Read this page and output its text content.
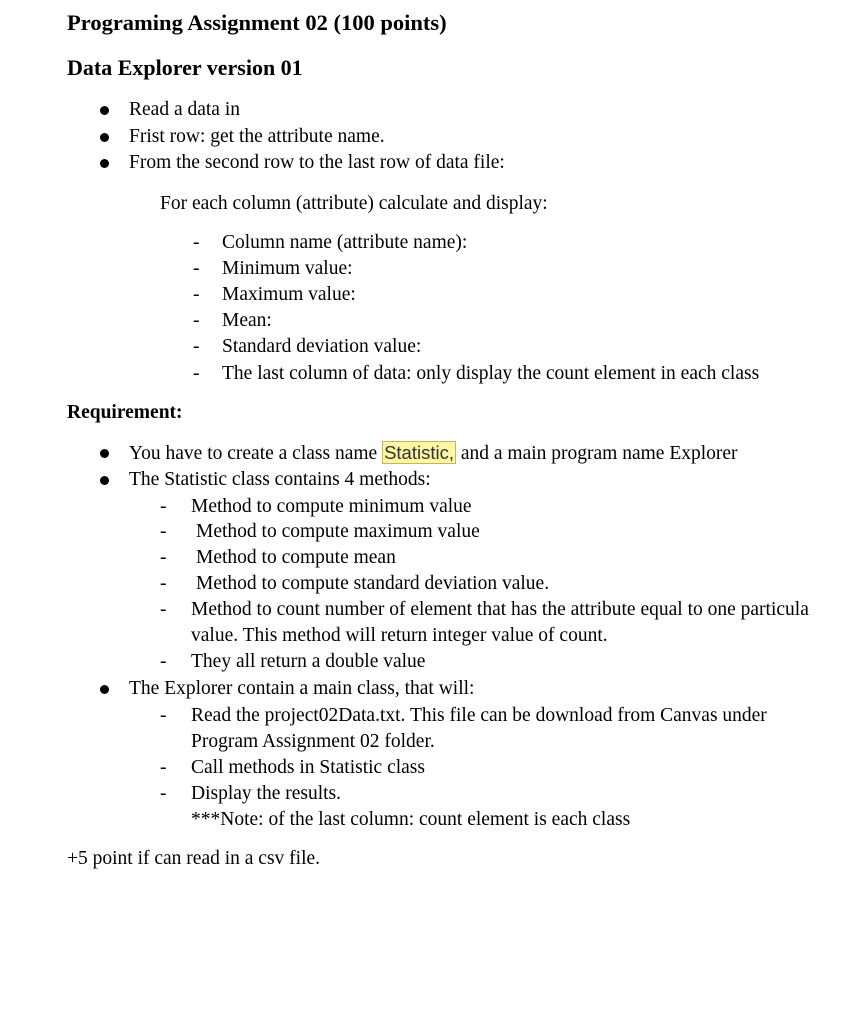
Programing Assignment 02 (100 points)
Data Explorer version 01
Read a data in
Frist row: get the attribute name.
From the second row to the last row of data file:
For each column (attribute) calculate and display:
- Column name (attribute name):
- Minimum value:
- Maximum value:
- Mean:
- Standard deviation value:
- The last column of data: only display the count element in each class
Requirement:
You have to create a class name Statistic, and a main program name Explorer
The Statistic class contains 4 methods:
- Method to compute minimum value
- Method to compute maximum value
- Method to compute mean
- Method to compute standard deviation value.
- Method to count number of element that has the attribute equal to one particula
value. This method will return integer value of count.
- They all return a double value
The Explorer contain a main class, that will:
- Read the project02Data.txt. This file can be download from Canvas under
Program Assignment 02 folder.
- Call methods in Statistic class
- Display the results.
***Note: of the last column: count element is each class
+5 point if can read in a csv file.
